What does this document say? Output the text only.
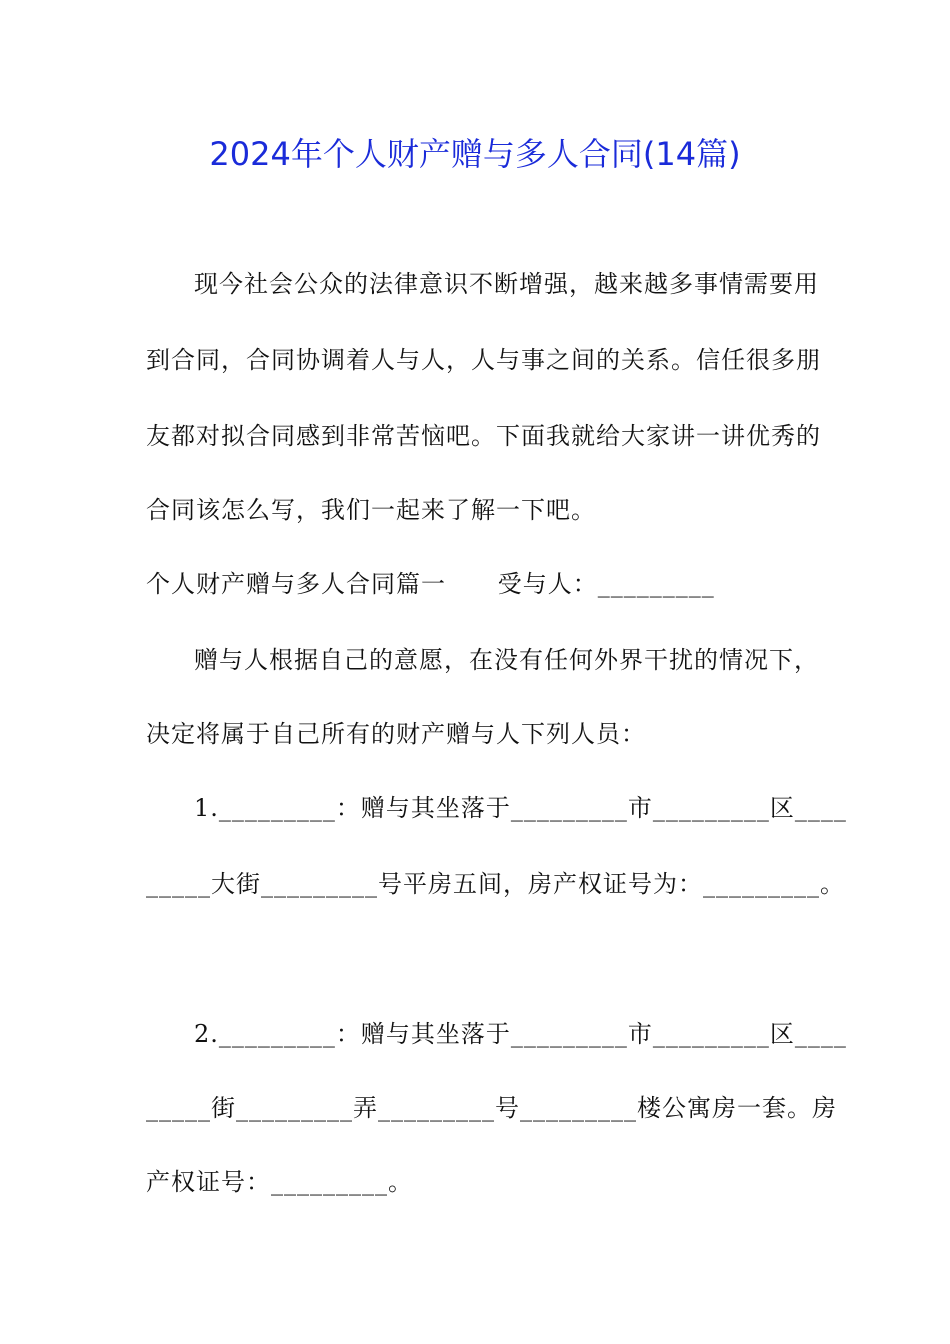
2024年个人财产赠与多人合同(14篇)
现今社会公众的法律意识不断增强，越来越多事情需要用
到合同，合同协调着人与人，人与事之间的关系。信任很多朋
友都对拟合同感到非常苦恼吧。下面我就给大家讲一讲优秀的
合同该怎么写，我们一起来了解一下吧。
个人财产赠与多人合同篇一      受与人：_________
赠与人根据自己的意愿，在没有任何外界干扰的情况下，
决定将属于自己所有的财产赠与人下列人员：
1._________：赠与其坐落于_________市_________区____
_____大街_________号平房五间，房产权证号为：_________。
2._________：赠与其坐落于_________市_________区____
_____街_________弄_________号_________楼公寓房一套。房
产权证号：_________。
